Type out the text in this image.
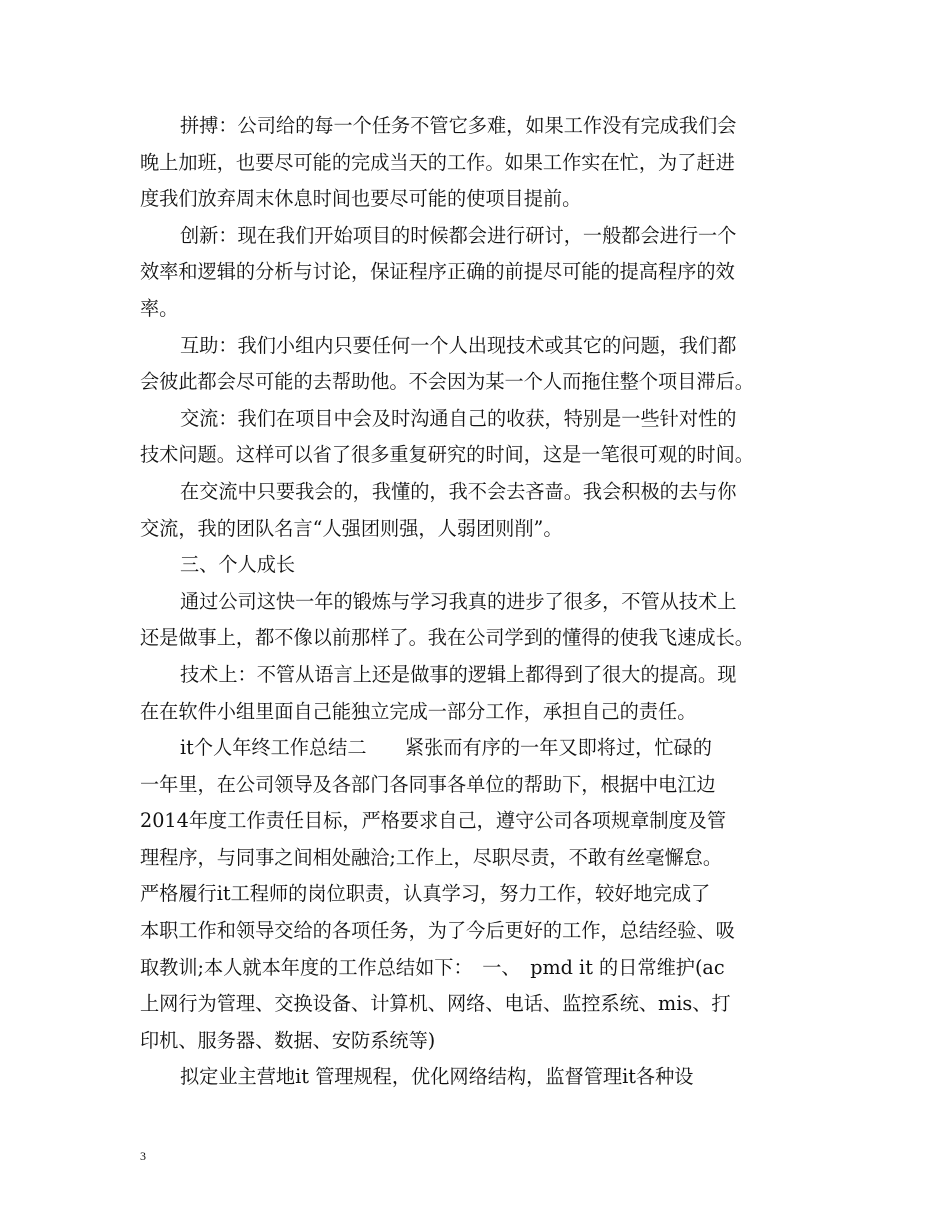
拼搏：公司给的每一个任务不管它多难，如果工作没有完成我们会
晚上加班，也要尽可能的完成当天的工作。如果工作实在忙，为了赶进
度我们放弃周末休息时间也要尽可能的使项目提前。
创新：现在我们开始项目的时候都会进行研讨，一般都会进行一个
效率和逻辑的分析与讨论，保证程序正确的前提尽可能的提高程序的效
率。
互助：我们小组内只要任何一个人出现技术或其它的问题，我们都
会彼此都会尽可能的去帮助他。不会因为某一个人而拖住整个项目滞后。
交流：我们在项目中会及时沟通自己的收获，特别是一些针对性的
技术问题。这样可以省了很多重复研究的时间，这是一笔很可观的时间。
在交流中只要我会的，我懂的，我不会去吝啬。我会积极的去与你
交流，我的团队名言“人强团则强，人弱团则削”。
三、个人成长
通过公司这快一年的锻炼与学习我真的进步了很多，不管从技术上
还是做事上，都不像以前那样了。我在公司学到的懂得的使我飞速成长。
技术上：不管从语言上还是做事的逻辑上都得到了很大的提高。现
在在软件小组里面自己能独立完成一部分工作，承担自己的责任。
it个人年终工作总结二　　紧张而有序的一年又即将过，忙碌的
一年里，在公司领导及各部门各同事各单位的帮助下，根据中电江边
2014年度工作责任目标，严格要求自己，遵守公司各项规章制度及管
理程序，与同事之间相处融洽;工作上，尽职尽责，不敢有丝毫懈怠。
严格履行it工程师的岗位职责，认真学习，努力工作，较好地完成了
本职工作和领导交给的各项任务，为了今后更好的工作，总结经验、吸
取教训;本人就本年度的工作总结如下：　一、　pmd it 的日常维护(ac
上网行为管理、交换设备、计算机、网络、电话、监控系统、mis、打
印机、服务器、数据、安防系统等)
拟定业主营地it 管理规程，优化网络结构，监督管理it各种设
3
